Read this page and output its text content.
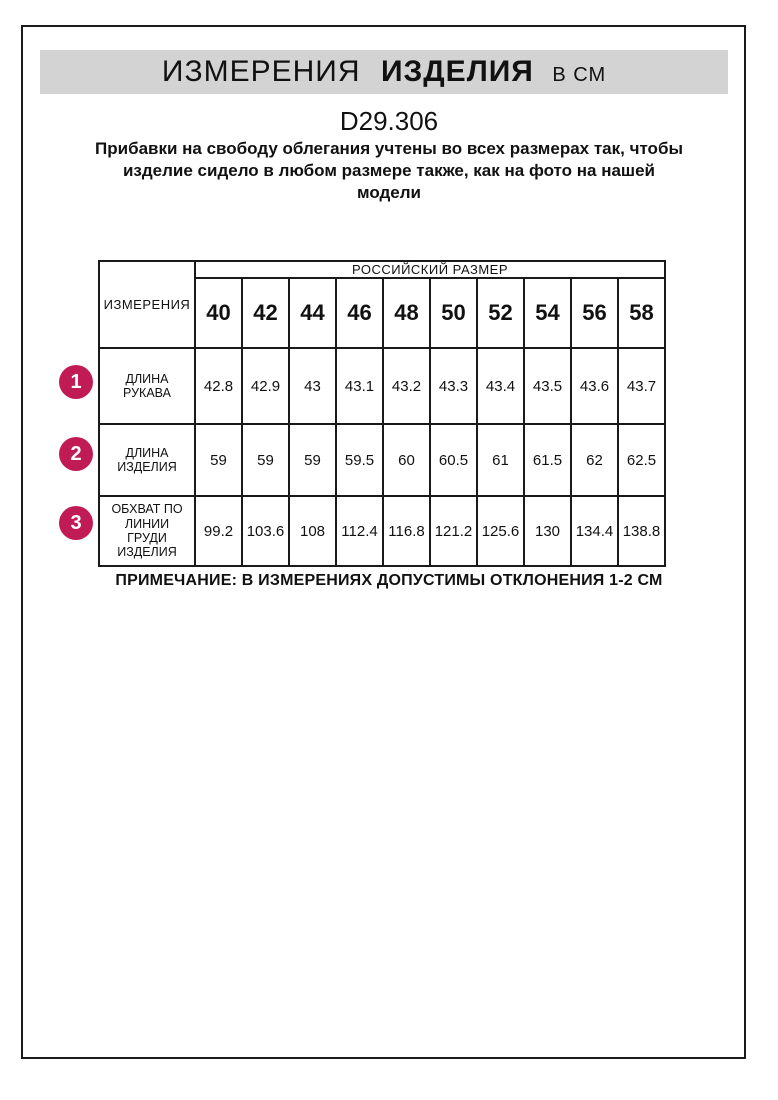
ИЗМЕРЕНИЯ ИЗДЕЛИЯ В СМ
D29.306
Прибавки на свободу облегания учтены во всех размерах так, чтобы изделие сидело в любом размере также, как на фото на нашей модели
ИЗМЕРЕНИЯ	РОССИЙСКИЙ РАЗМЕР									
	40	42	44	46	48	50	52	54	56	58
ДЛИНА РУКАВА	42.8	42.9	43	43.1	43.2	43.3	43.4	43.5	43.6	43.7
ДЛИНА ИЗДЕЛИЯ	59	59	59	59.5	60	60.5	61	61.5	62	62.5
ОБХВАТ ПО ЛИНИИ ГРУДИ ИЗДЕЛИЯ	99.2	103.6	108	112.4	116.8	121.2	125.6	130	134.4	138.8
1
2
3
ПРИМЕЧАНИЕ: В ИЗМЕРЕНИЯХ ДОПУСТИМЫ ОТКЛОНЕНИЯ 1-2 СМ
